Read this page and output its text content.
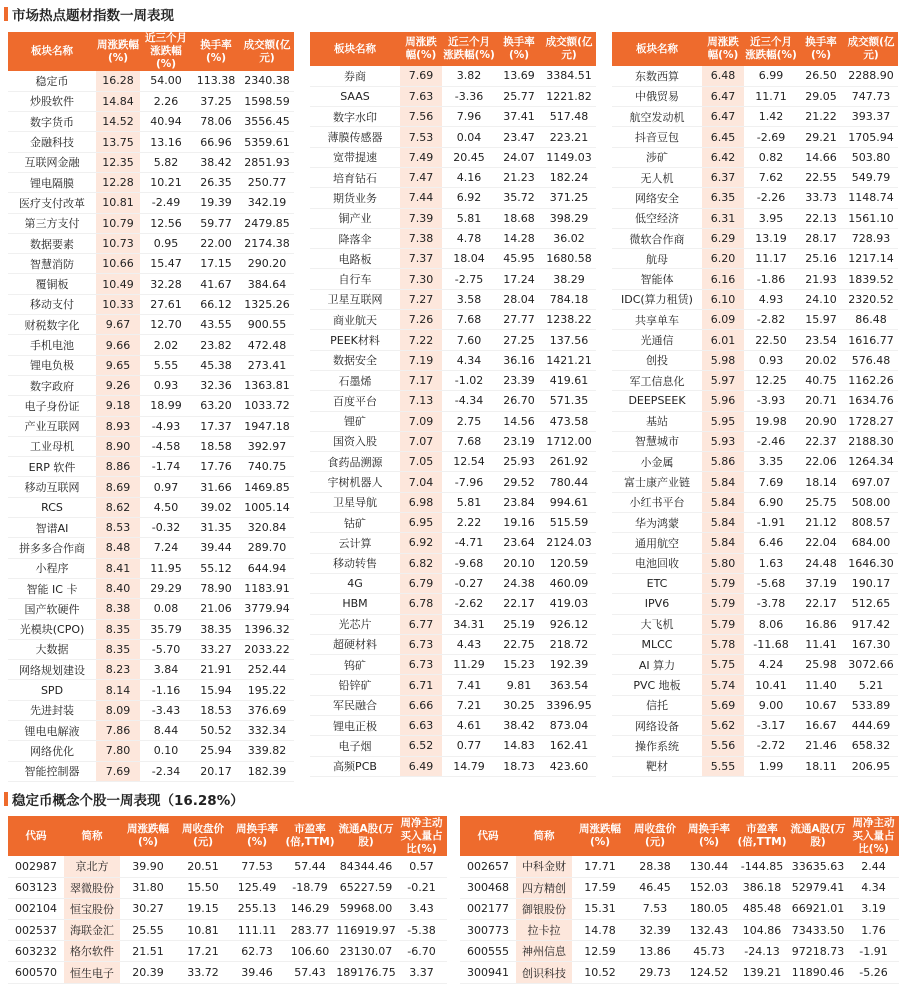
市场热点题材指数一周表现
板块名称	周涨跌幅(%)	近三个月涨跌幅(%)	换手率(%)	成交额(亿元)
稳定币	16.28	54.00	113.38	2340.38
炒股软件	14.84	2.26	37.25	1598.59
数字货币	14.52	40.94	78.06	3556.45
金融科技	13.75	13.16	66.96	5359.61
互联网金融	12.35	5.82	38.42	2851.93
锂电隔膜	12.28	10.21	26.35	250.77
医疗支付改革	10.81	-2.49	19.39	342.19
第三方支付	10.79	12.56	59.77	2479.85
数据要素	10.73	0.95	22.00	2174.38
智慧消防	10.66	15.47	17.15	290.20
覆铜板	10.49	32.28	41.67	384.64
移动支付	10.33	27.61	66.12	1325.26
财税数字化	9.67	12.70	43.55	900.55
手机电池	9.66	2.02	23.82	472.48
锂电负极	9.65	5.55	45.38	273.41
数字政府	9.26	0.93	32.36	1363.81
电子身份证	9.18	18.99	63.20	1033.72
产业互联网	8.93	-4.93	17.37	1947.18
工业母机	8.90	-4.58	18.58	392.97
ERP 软件	8.86	-1.74	17.76	740.75
移动互联网	8.69	0.97	31.66	1469.85
RCS	8.62	4.50	39.02	1005.14
智谱AI	8.53	-0.32	31.35	320.84
拼多多合作商	8.48	7.24	39.44	289.70
小程序	8.41	11.95	55.12	644.94
智能 IC 卡	8.40	29.29	78.90	1183.91
国产软硬件	8.38	0.08	21.06	3779.94
光模块(CPO)	8.35	35.79	38.35	1396.32
大数据	8.35	-5.70	33.27	2033.22
网络规划建设	8.23	3.84	21.91	252.44
SPD	8.14	-1.16	15.94	195.22
先进封装	8.09	-3.43	18.53	376.69
锂电电解液	7.86	8.44	50.52	332.34
网络优化	7.80	0.10	25.94	339.82
智能控制器	7.69	-2.34	20.17	182.39
板块名称	周涨跌幅(%)	近三个月涨跌幅(%)	换手率(%)	成交额(亿元)
券商	7.69	3.82	13.69	3384.51
SAAS	7.63	-3.36	25.77	1221.82
数字水印	7.56	7.96	37.41	517.48
薄膜传感器	7.53	0.04	23.47	223.21
宽带提速	7.49	20.45	24.07	1149.03
培育钻石	7.47	4.16	21.23	182.24
期货业务	7.44	6.92	35.72	371.25
铜产业	7.39	5.81	18.68	398.29
降落伞	7.38	4.78	14.28	36.02
电路板	7.37	18.04	45.95	1680.58
自行车	7.30	-2.75	17.24	38.29
卫星互联网	7.27	3.58	28.04	784.18
商业航天	7.26	7.68	27.77	1238.22
PEEK材料	7.22	7.60	27.25	137.56
数据安全	7.19	4.34	36.16	1421.21
石墨烯	7.17	-1.02	23.39	419.61
百度平台	7.13	-4.34	26.70	571.35
锂矿	7.09	2.75	14.56	473.58
国资入股	7.07	7.68	23.19	1712.00
食药品溯源	7.05	12.54	25.93	261.92
宇树机器人	7.04	-7.96	29.52	780.44
卫星导航	6.98	5.81	23.84	994.61
钴矿	6.95	2.22	19.16	515.59
云计算	6.92	-4.71	23.64	2124.03
移动转售	6.82	-9.68	20.10	120.59
4G	6.79	-0.27	24.38	460.09
HBM	6.78	-2.62	22.17	419.03
光芯片	6.77	34.31	25.19	926.12
超硬材料	6.73	4.43	22.75	218.72
钨矿	6.73	11.29	15.23	192.39
铅锌矿	6.71	7.41	9.81	363.54
军民融合	6.66	7.21	30.25	3396.95
锂电正极	6.63	4.61	38.42	873.04
电子烟	6.52	0.77	14.83	162.41
高频PCB	6.49	14.79	18.73	423.60
板块名称	周涨跌幅(%)	近三个月涨跌幅(%)	换手率(%)	成交额(亿元)
东数西算	6.48	6.99	26.50	2288.90
中俄贸易	6.47	11.71	29.05	747.73
航空发动机	6.47	1.42	21.22	393.37
抖音豆包	6.45	-2.69	29.21	1705.94
涉矿	6.42	0.82	14.66	503.80
无人机	6.37	7.62	22.55	549.79
网络安全	6.35	-2.26	33.73	1148.74
低空经济	6.31	3.95	22.13	1561.10
微软合作商	6.29	13.19	28.17	728.93
航母	6.20	11.17	25.16	1217.14
智能体	6.16	-1.86	21.93	1839.52
IDC(算力租赁)	6.10	4.93	24.10	2320.52
共享单车	6.09	-2.82	15.97	86.48
光通信	6.01	22.50	23.54	1616.77
创投	5.98	0.93	20.02	576.48
军工信息化	5.97	12.25	40.75	1162.26
DEEPSEEK	5.96	-3.93	20.71	1634.76
基站	5.95	19.98	20.90	1728.27
智慧城市	5.93	-2.46	22.37	2188.30
小金属	5.86	3.35	22.06	1264.34
富士康产业链	5.84	7.69	18.14	697.07
小红书平台	5.84	6.90	25.75	508.00
华为鸿蒙	5.84	-1.91	21.12	808.57
通用航空	5.84	6.46	22.04	684.00
电池回收	5.80	1.63	24.48	1646.30
ETC	5.79	-5.68	37.19	190.17
IPV6	5.79	-3.78	22.17	512.65
大飞机	5.79	8.06	16.86	917.42
MLCC	5.78	-11.68	11.41	167.30
AI 算力	5.75	4.24	25.98	3072.66
PVC 地板	5.74	10.41	11.40	5.21
信托	5.69	9.00	10.67	533.89
网络设备	5.62	-3.17	16.67	444.69
操作系统	5.56	-2.72	21.46	658.32
靶材	5.55	1.99	18.11	206.95
稳定币概念个股一周表现（16.28%）
代码	简称	周涨跌幅(%)	周收盘价(元)	周换手率(%)	市盈率(倍,TTM)	流通A股(万股)	周净主动买入量占比(%)
002987	京北方	39.90	20.51	77.53	57.44	84344.46	0.57
603123	翠微股份	31.80	15.50	125.49	-18.79	65227.59	-0.21
002104	恒宝股份	30.27	19.15	255.13	146.29	59968.00	3.43
002537	海联金汇	25.55	10.81	111.11	283.77	116919.97	-5.38
603232	格尔软件	21.51	17.21	62.73	106.60	23130.07	-6.70
600570	恒生电子	20.39	33.72	39.46	57.43	189176.75	3.37
代码	简称	周涨跌幅(%)	周收盘价(元)	周换手率(%)	市盈率(倍,TTM)	流通A股(万股)	周净主动买入量占比(%)
002657	中科金财	17.71	28.38	130.44	-144.85	33635.63	2.44
300468	四方精创	17.59	46.45	152.03	386.18	52979.41	4.34
002177	御银股份	15.31	7.53	180.05	485.48	66921.01	3.19
300773	拉卡拉	14.78	32.39	132.43	104.86	73433.50	1.76
600555	神州信息	12.59	13.86	45.73	-24.13	97218.73	-1.91
300941	创识科技	10.52	29.73	124.52	139.21	11890.46	-5.26
